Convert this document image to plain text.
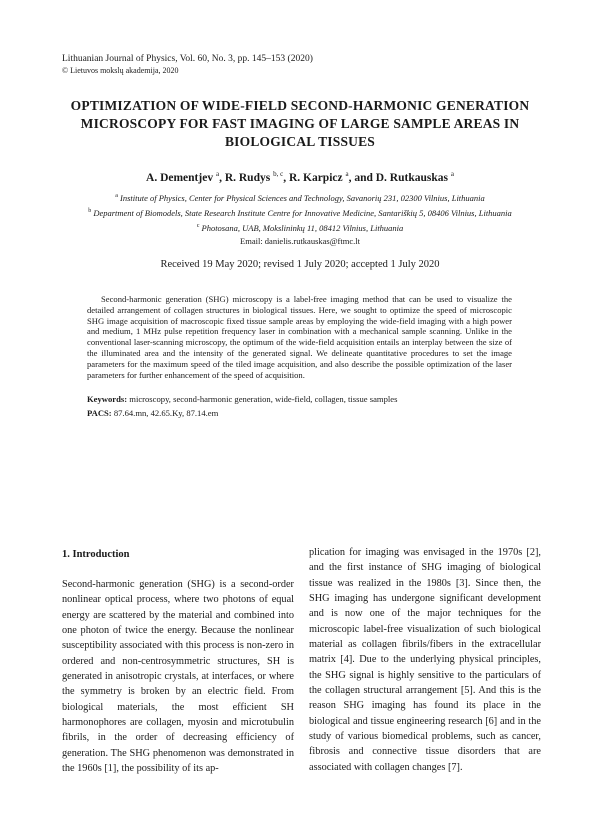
Lithuanian Journal of Physics, Vol. 60, No. 3, pp. 145–153 (2020)
© Lietuvos mokslų akademija, 2020
OPTIMIZATION OF WIDE-FIELD SECOND-HARMONIC GENERATION MICROSCOPY FOR FAST IMAGING OF LARGE SAMPLE AREAS IN BIOLOGICAL TISSUES
A. Dementjev $^a$, R. Rudys $^{b, c}$, R. Karpicz $^a$, and D. Rutkauskas $^a$
$^a$ Institute of Physics, Center for Physical Sciences and Technology, Savanorių 231, 02300 Vilnius, Lithuania
$^b$ Department of Biomodels, State Research Institute Centre for Innovative Medicine, Santariškių 5, 08406 Vilnius, Lithuania
$^c$ Photosana, UAB, Mokslininkų 11, 08412 Vilnius, Lithuania
Email: danielis.rutkauskas@ftmc.lt
Received 19 May 2020; revised 1 July 2020; accepted 1 July 2020

Second-harmonic generation (SHG) microscopy is a label-free imaging method that can be used to visualize the detailed arrangement of collagen structures in biological tissues. Here, we sought to optimize the speed of microscopic SHG image acquisition of macroscopic fixed tissue sample areas by employing the wide-field imaging with a high power and medium, 1 MHz pulse repetition frequency laser in combination with a mechanical sample scanning. Unlike in the conventional laser-scanning microscopy, the optimum of the wide-field acquisition entails an interplay between the size of the illuminated area and the intensity of the generated signal. We delineate quantitative procedures to set the image parameters for the maximum speed of the tiled image acquisition, and also describe the possible optimization of the laser parameters for further enhancement of the speed of acquisition.

Keywords: microscopy, second-harmonic generation, wide-field, collagen, tissue samples
PACS: 87.64.mn, 42.65.Ky, 87.14.em
1. Introduction

Second-harmonic generation (SHG) is a second-order nonlinear optical process, where two photons of equal energy are scattered by the material and combined into one photon of twice the energy. Because the nonlinear susceptibility associated with this process is non-zero in ordered and non-centrosymmetric structures, SH is generated in anisotropic crystals, at interfaces, or where the symmetry is broken by an electric field. From biological materials, the most efficient SH harmonophores are collagen, myosin and microtubulin fibrils, in the order of decreasing efficiency of generation. The SHG phenomenon was demonstrated in the 1960s [1], the possibility of its ap-

plication for imaging was envisaged in the 1970s [2], and the first instance of SHG imaging of biological tissue was realized in the 1980s [3]. Since then, the SHG imaging has undergone significant development and is now one of the major techniques for the microscopic label-free visualization of such biological material as collagen fibrils/fibers in the extracellular matrix [4]. Due to the underlying physical principles, the SHG signal is highly sensitive to the particulars of the collagen structural arrangement [5]. And this is the reason SHG imaging has found its place in the biological and tissue engineering research [6] and in the study of various biomedical problems, such as cancer, fibrosis and connective tissue disorders that are associated with collagen changes [7].
